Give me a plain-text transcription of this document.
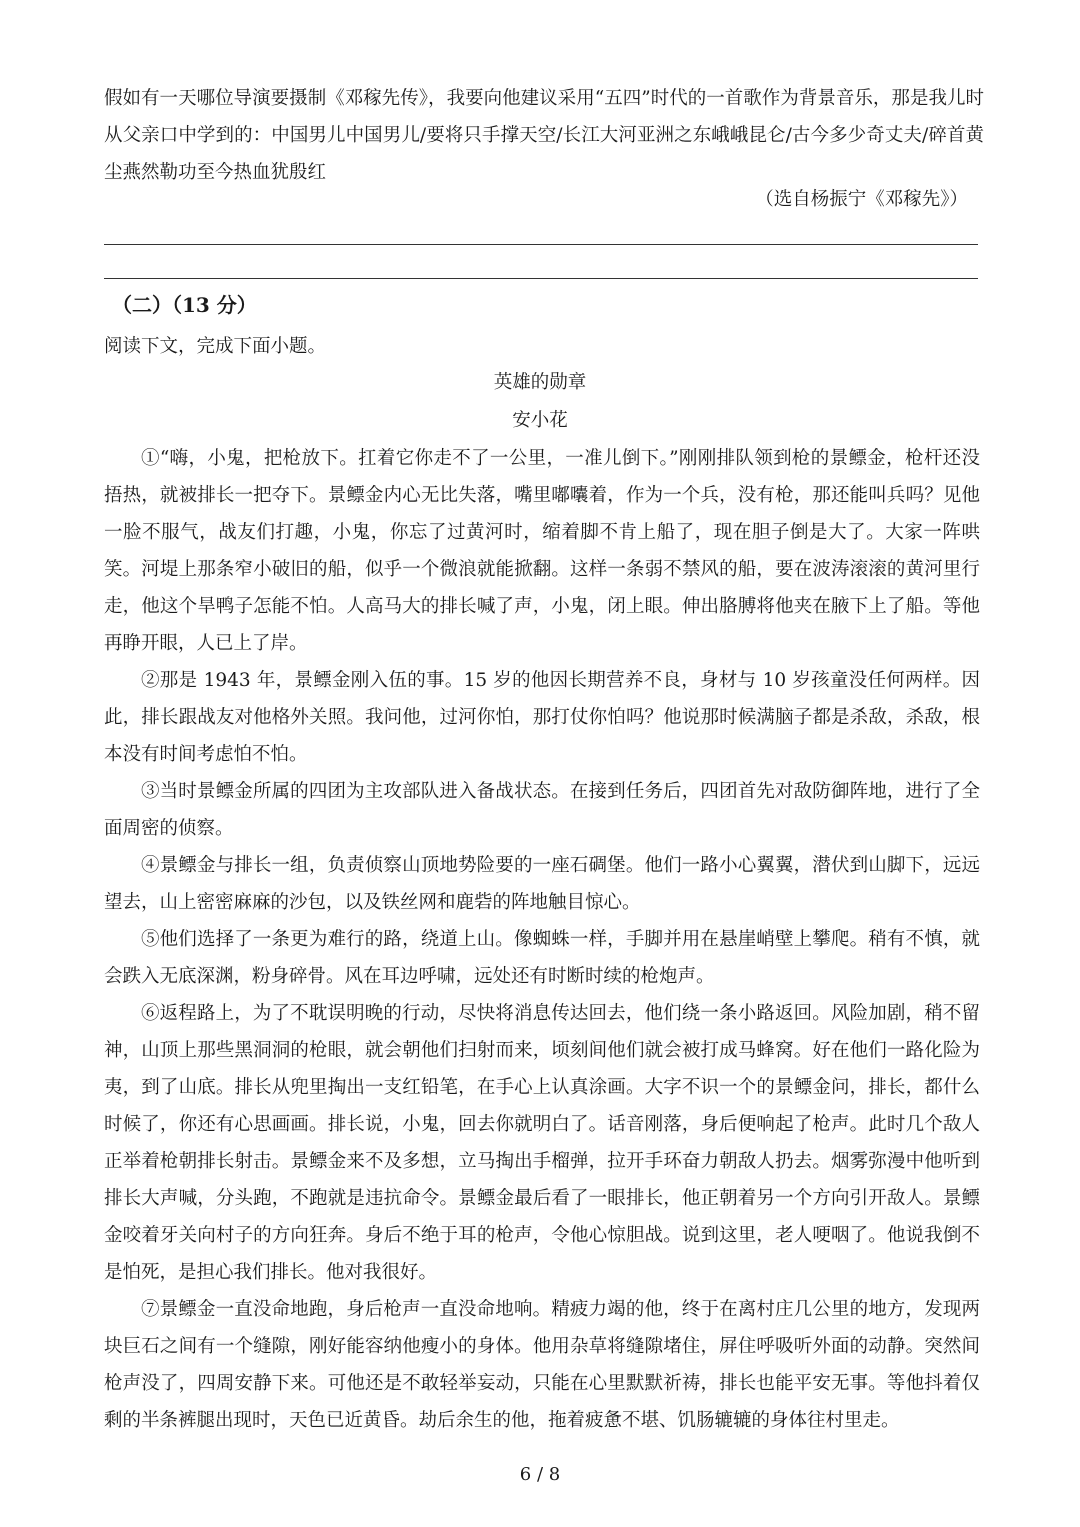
假如有一天哪位导演要摄制《邓稼先传》，我要向他建议采用“五四”时代的一首歌作为背景音乐，那是我儿时从父亲口中学到的：中国男儿中国男儿/要将只手撑天空/长江大河亚洲之东峨峨昆仑/古今多少奇丈夫/碎首黄尘燕然勒功至今热血犹殷红
（选自杨振宁《邓稼先》）
（二）（13 分）
阅读下文，完成下面小题。
英雄的勋章
安小花

①“嗨，小鬼，把枪放下。扛着它你走不了一公里，一准儿倒下。”刚刚排队领到枪的景鳔金，枪杆还没捂热，就被排长一把夺下。景鳔金内心无比失落，嘴里嘟囔着，作为一个兵，没有枪，那还能叫兵吗？见他一脸不服气，战友们打趣，小鬼，你忘了过黄河时，缩着脚不肯上船了，现在胆子倒是大了。大家一阵哄笑。河堤上那条窄小破旧的船，似乎一个微浪就能掀翻。这样一条弱不禁风的船，要在波涛滚滚的黄河里行走，他这个旱鸭子怎能不怕。人高马大的排长喊了声，小鬼，闭上眼。伸出胳膊将他夹在腋下上了船。等他再睁开眼，人已上了岸。

②那是 1943 年，景鳔金刚入伍的事。15 岁的他因长期营养不良，身材与 10 岁孩童没任何两样。因此，排长跟战友对他格外关照。我问他，过河你怕，那打仗你怕吗？他说那时候满脑子都是杀敌，杀敌，根本没有时间考虑怕不怕。

③当时景鳔金所属的四团为主攻部队进入备战状态。在接到任务后，四团首先对敌防御阵地，进行了全面周密的侦察。

④景鳔金与排长一组，负责侦察山顶地势险要的一座石碉堡。他们一路小心翼翼，潜伏到山脚下，远远望去，山上密密麻麻的沙包，以及铁丝网和鹿砦的阵地触目惊心。

⑤他们选择了一条更为难行的路，绕道上山。像蜘蛛一样，手脚并用在悬崖峭壁上攀爬。稍有不慎，就会跌入无底深渊，粉身碎骨。风在耳边呼啸，远处还有时断时续的枪炮声。

⑥返程路上，为了不耽误明晚的行动，尽快将消息传达回去，他们绕一条小路返回。风险加剧，稍不留神，山顶上那些黑洞洞的枪眼，就会朝他们扫射而来，顷刻间他们就会被打成马蜂窝。好在他们一路化险为夷，到了山底。排长从兜里掏出一支红铅笔，在手心上认真涂画。大字不识一个的景鳔金问，排长，都什么时候了，你还有心思画画。排长说，小鬼，回去你就明白了。话音刚落，身后便响起了枪声。此时几个敌人正举着枪朝排长射击。景鳔金来不及多想，立马掏出手榴弹，拉开手环奋力朝敌人扔去。烟雾弥漫中他听到排长大声喊，分头跑，不跑就是违抗命令。景鳔金最后看了一眼排长，他正朝着另一个方向引开敌人。景鳔金咬着牙关向村子的方向狂奔。身后不绝于耳的枪声，令他心惊胆战。说到这里，老人哽咽了。他说我倒不是怕死，是担心我们排长。他对我很好。

⑦景鳔金一直没命地跑，身后枪声一直没命地响。精疲力竭的他，终于在离村庄几公里的地方，发现两块巨石之间有一个缝隙，刚好能容纳他瘦小的身体。他用杂草将缝隙堵住，屏住呼吸听外面的动静。突然间枪声没了，四周安静下来。可他还是不敢轻举妄动，只能在心里默默祈祷，排长也能平安无事。等他抖着仅剩的半条裤腿出现时，天色已近黄昏。劫后余生的他，拖着疲惫不堪、饥肠辘辘的身体往村里走。

6 / 8
